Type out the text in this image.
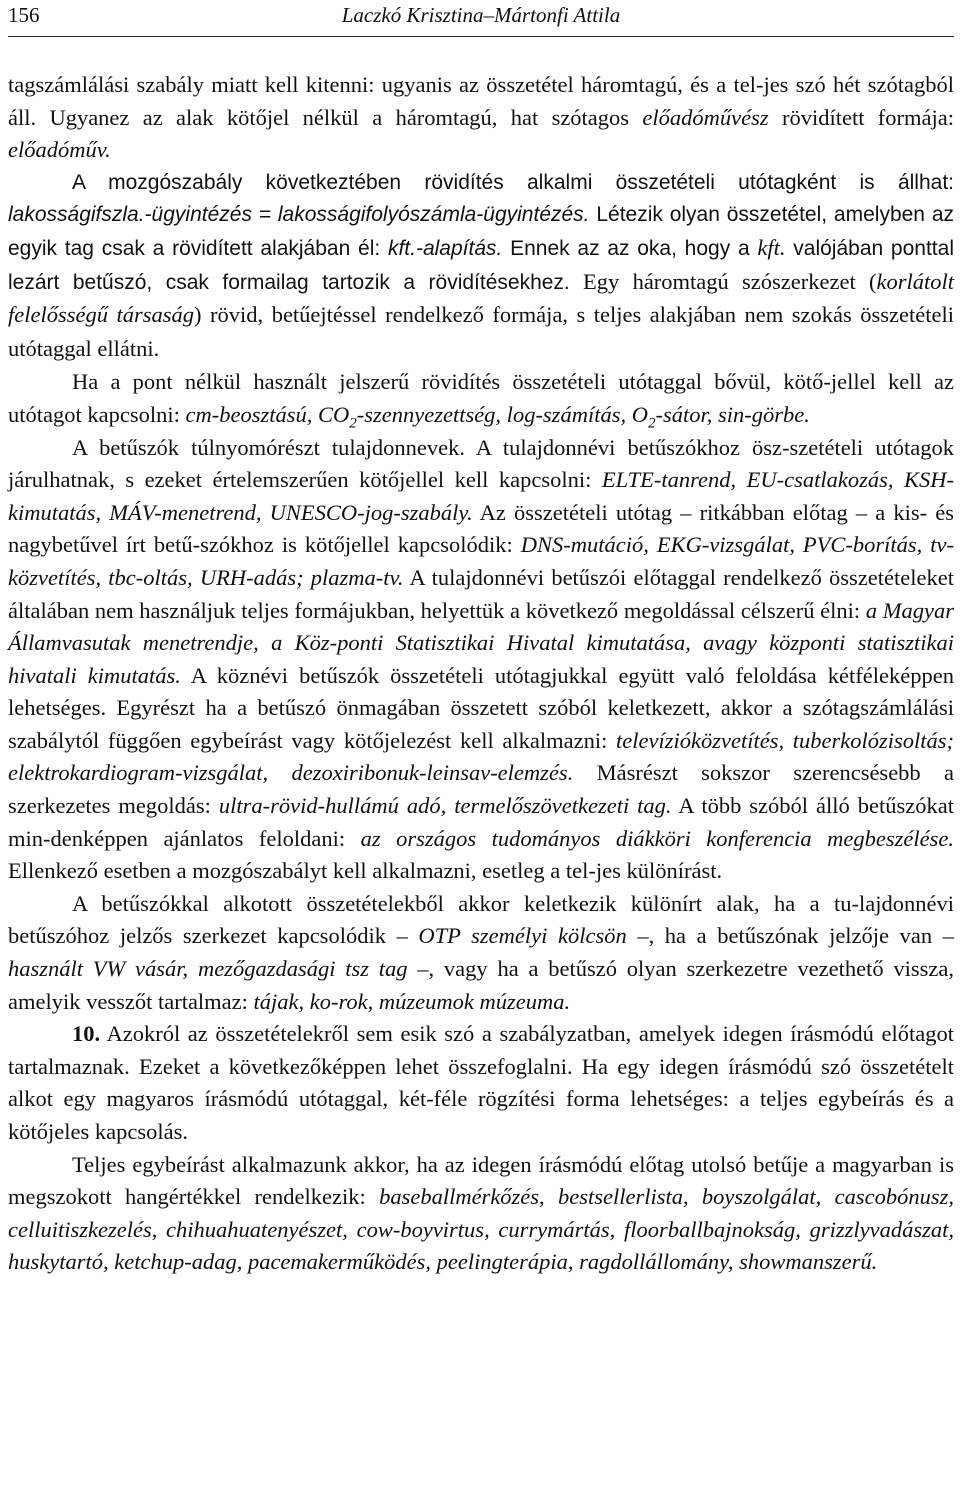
156	Laczkó Krisztina–Mártonfi Attila

tagszámlálási szabály miatt kell kitenni: ugyanis az összetétel háromtagú, és a tel-jes szó hét szótagból áll. Ugyanez az alak kötőjel nélkül a háromtagú, hat szótagos előadóművész rövidített formája: előadóműv.

A mozgószabály következtében rövidítés alkalmi összetételi utótagként is állhat: lakosságifszla.-ügyintézés = lakosságifolyószámla-ügyintézés. Létezik olyan összetétel, amelyben az egyik tag csak a rövidített alakjában él: kft.-alapítás. Ennek az az oka, hogy a kft. valójában ponttal lezárt betűszó, csak formailag tartozik a rövidítésekhez. Egy háromtagú szószerkezet (korlátolt felelősségű társaság) rövid, betűejtéssel rendelkező formája, s teljes alakjában nem szokás összetételi utótaggal ellátni.

Ha a pont nélkül használt jelszerű rövidítés összetételi utótaggal bővül, kötő-jellel kell az utótagot kapcsolni: cm-beosztású, $CO_2$-szennyezettség, log-számítás, $O_2$-sátor, sin-görbe.

A betűszók túlnyomórészt tulajdonnevek. A tulajdonnévi betűszókhoz ösz-szetételi utótagok járulhatnak, s ezeket értelemszerűen kötőjellel kell kapcsolni: ELTE-tanrend, EU-csatlakozás, KSH-kimutatás, MÁV-menetrend, UNESCO-jog-szabály. Az összetételi utótag – ritkábban előtag – a kis- és nagybetűvel írt betű-szókhoz is kötőjellel kapcsolódik: DNS-mutáció, EKG-vizsgálat, PVC-borítás, tv-közvetítés, tbc-oltás, URH-adás; plazma-tv. A tulajdonnévi betűszói előtaggal rendelkező összetételeket általában nem használjuk teljes formájukban, helyettük a következő megoldással célszerű élni: a Magyar Államvasutak menetrendje, a Köz-ponti Statisztikai Hivatal kimutatása, avagy központi statisztikai hivatali kimutatás. A köznévi betűszók összetételi utótagjukkal együtt való feloldása kétféleképpen lehetséges. Egyrészt ha a betűszó önmagában összetett szóból keletkezett, akkor a szótagszámlálási szabálytól függően egybeírást vagy kötőjelezést kell alkalmazni: televízióközvetítés, tuberkolózisoltás; elektrokardiogram-vizsgálat, dezoxiribonuk-leinsav-elemzés. Másrészt sokszor szerencsésebb a szerkezetes megoldás: ultra-rövid-hullámú adó, termelőszövetkezeti tag. A több szóból álló betűszókat min-denképpen ajánlatos feloldani: az országos tudományos diákköri konferencia megbeszélése. Ellenkező esetben a mozgószabályt kell alkalmazni, esetleg a tel-jes különírást.

A betűszókkal alkotott összetételekből akkor keletkezik különírt alak, ha a tu-lajdonnévi betűszóhoz jelzős szerkezet kapcsolódik – OTP személyi kölcsön –, ha a betűszónak jelzője van – használt VW vásár, mezőgazdasági tsz tag –, vagy ha a betűszó olyan szerkezetre vezethető vissza, amelyik vesszőt tartalmaz: tájak, ko-rok, múzeumok múzeuma.

10. Azokról az összetételekről sem esik szó a szabályzatban, amelyek idegen írásmódú előtagot tartalmaznak. Ezeket a következőképpen lehet összefoglalni. Ha egy idegen írásmódú szó összetételt alkot egy magyaros írásmódú utótaggal, két-féle rögzítési forma lehetséges: a teljes egybeírás és a kötőjeles kapcsolás.

Teljes egybeírást alkalmazunk akkor, ha az idegen írásmódú előtag utolsó betűje a magyarban is megszokott hangértékkel rendelkezik: baseballmérkőzés, bestsellerlista, boyszolgálat, cascobónusz, celluitiszkezelés, chihuahuatenyészet, cow-boyvirtus, currymártás, floorballbajnokság, grizzlyvadászat, huskytartó, ketchup-adag, pacemakerműködés, peelingterápia, ragdollállomány, showmanszerű.
